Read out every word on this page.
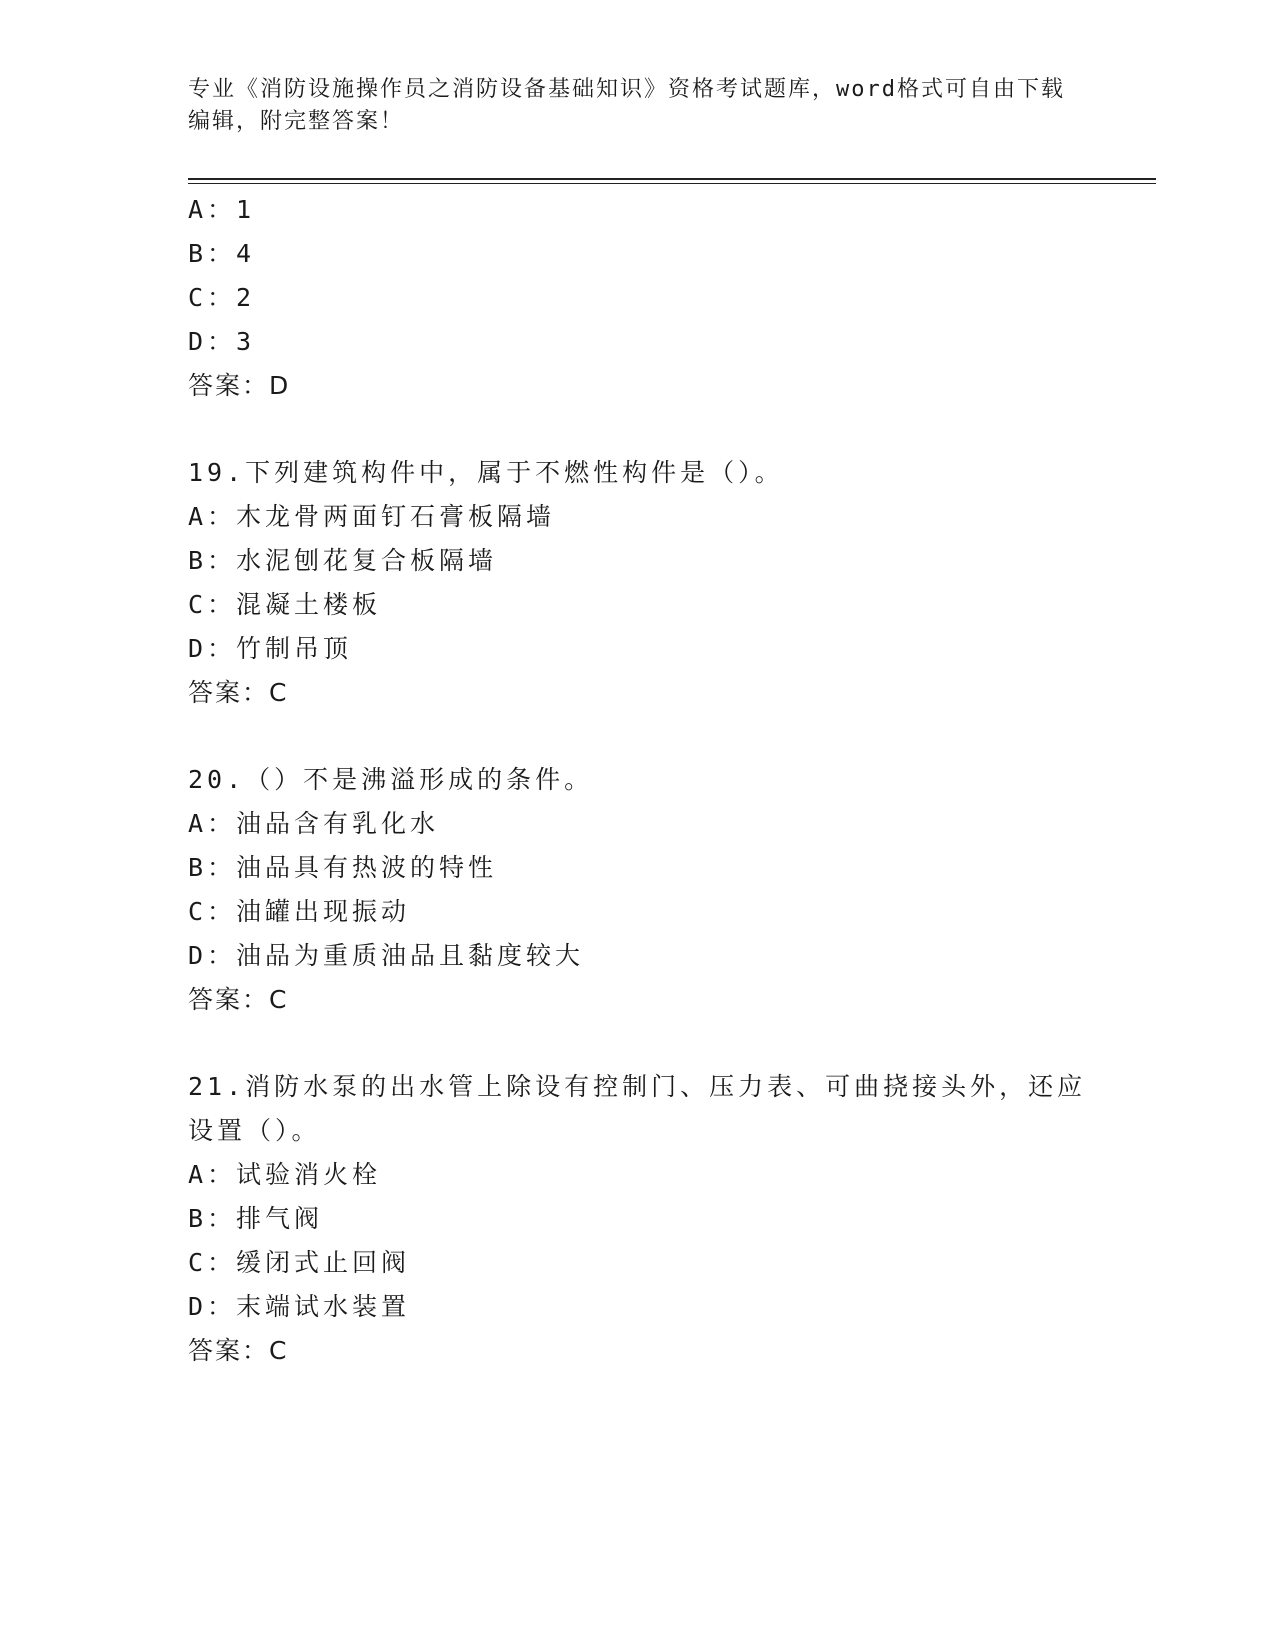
专业《消防设施操作员之消防设备基础知识》资格考试题库，word格式可自由下载编辑，附完整答案！
A：1
B：4
C：2
D：3
答案：D
19.下列建筑构件中，属于不燃性构件是（）。
A：木龙骨两面钉石膏板隔墙
B：水泥刨花复合板隔墙
C：混凝土楼板
D：竹制吊顶
答案：C
20.（）不是沸溢形成的条件。
A：油品含有乳化水
B：油品具有热波的特性
C：油罐出现振动
D：油品为重质油品且黏度较大
答案：C
21.消防水泵的出水管上除设有控制门、压力表、可曲挠接头外，还应
设置（）。
A：试验消火栓
B：排气阀
C：缓闭式止回阀
D：末端试水装置
答案：C
